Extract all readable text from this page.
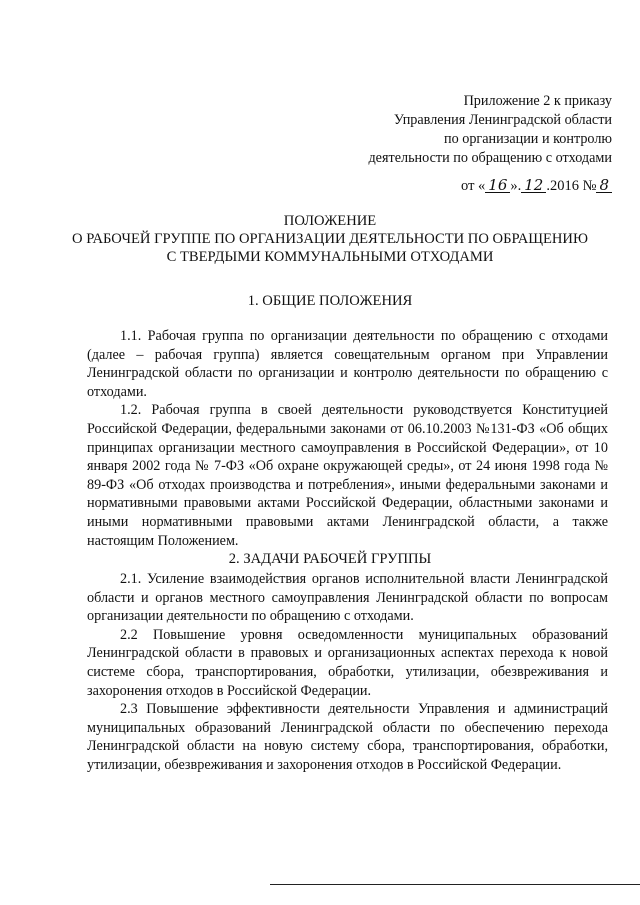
Приложение 2 к приказу
Управления Ленинградской области
по организации и контролю
деятельности по обращению с отходами
от « 16 ». 12 .2016 № 8
ПОЛОЖЕНИЕ
О РАБОЧЕЙ ГРУППЕ ПО ОРГАНИЗАЦИИ ДЕЯТЕЛЬНОСТИ ПО ОБРАЩЕНИЮ
С ТВЕРДЫМИ КОММУНАЛЬНЫМИ ОТХОДАМИ
1. ОБЩИЕ ПОЛОЖЕНИЯ

1.1. Рабочая группа по организации деятельности по обращению с отходами (далее – рабочая группа) является совещательным органом при Управлении Ленинградской области по организации и контролю деятельности по обращению с отходами.

1.2. Рабочая группа в своей деятельности руководствуется Конституцией Российской Федерации, федеральными законами от 06.10.2003 №131-ФЗ «Об общих принципах организации местного самоуправления в Российской Федерации», от 10 января 2002 года № 7-ФЗ «Об охране окружающей среды», от 24 июня 1998 года № 89-ФЗ «Об отходах производства и потребления», иными федеральными законами и нормативными правовыми актами Российской Федерации, областными законами и иными нормативными правовыми актами Ленинградской области, а также настоящим Положением.

2. ЗАДАЧИ РАБОЧЕЙ ГРУППЫ

2.1. Усиление взаимодействия органов исполнительной власти Ленинградской области и органов местного самоуправления Ленинградской области по вопросам организации деятельности по обращению с отходами.

2.2 Повышение уровня осведомленности муниципальных образований Ленинградской области в правовых и организационных аспектах перехода к новой системе сбора, транспортирования, обработки, утилизации, обезвреживания и захоронения отходов в Российской Федерации.

2.3 Повышение эффективности деятельности Управления и администраций муниципальных образований Ленинградской области по обеспечению перехода Ленинградской области на новую систему сбора, транспортирования, обработки, утилизации, обезвреживания и захоронения отходов в Российской Федерации.
